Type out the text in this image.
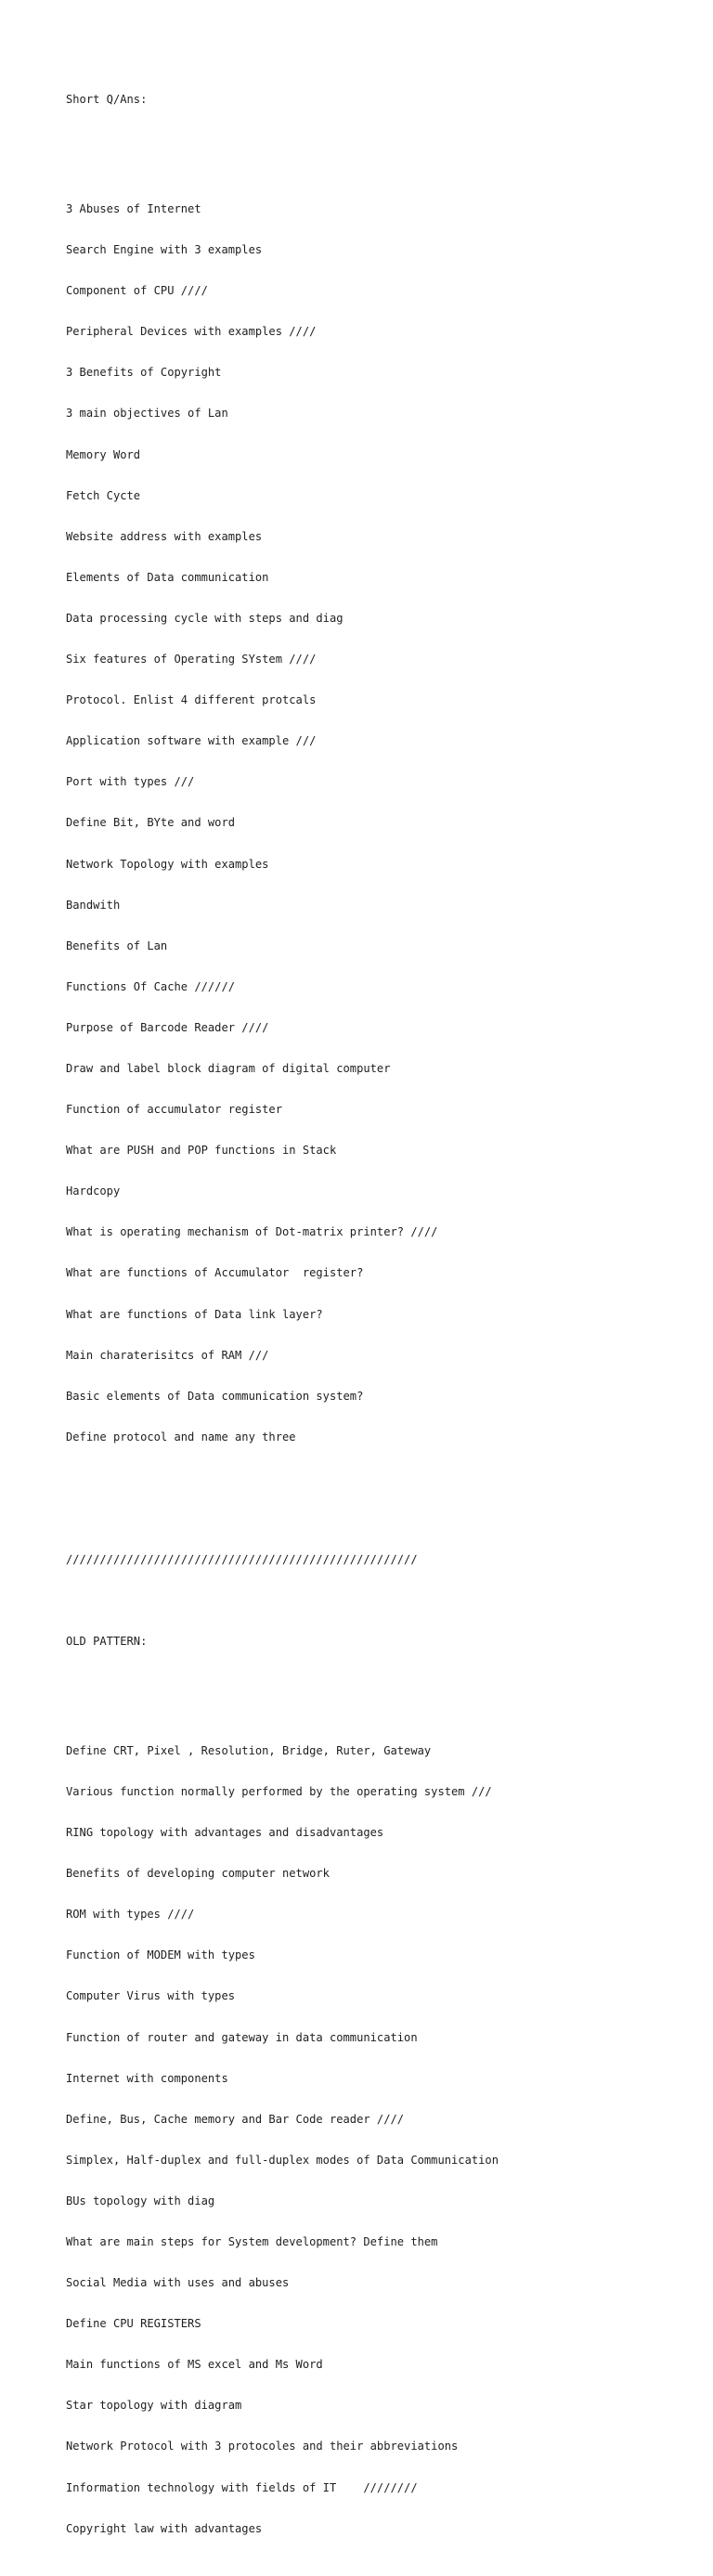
Short Q/Ans:

3 Abuses of Internet

Search Engine with 3 examples

Component of CPU ////

Peripheral Devices with examples ////

3 Benefits of Copyright

3 main objectives of Lan

Memory Word

Fetch Cycte

Website address with examples

Elements of Data communication

Data processing cycle with steps and diag

Six features of Operating SYstem ////

Protocol. Enlist 4 different protcals

Application software with example ///

Port with types ///

Define Bit, BYte and word

Network Topology with examples

Bandwith

Benefits of Lan

Functions Of Cache //////

Purpose of Barcode Reader ////

Draw and label block diagram of digital computer

Function of accumulator register

What are PUSH and POP functions in Stack

Hardcopy

What is operating mechanism of Dot-matrix printer? ////

What are functions of Accumulator  register?

What are functions of Data link layer?

Main charaterisitcs of RAM ///

Basic elements of Data communication system?

Define protocol and name any three

////////////////////////////////////////////////////

OLD PATTERN:

Define CRT, Pixel , Resolution, Bridge, Ruter, Gateway

Various function normally performed by the operating system ///

RING topology with advantages and disadvantages

Benefits of developing computer network

ROM with types ////

Function of MODEM with types

Computer Virus with types

Function of router and gateway in data communication

Internet with components

Define, Bus, Cache memory and Bar Code reader ////

Simplex, Half-duplex and full-duplex modes of Data Communication

BUs topology with diag

What are main steps for System development? Define them

Social Media with uses and abuses

Define CPU REGISTERS

Main functions of MS excel and Ms Word

Star topology with diagram

Network Protocol with 3 protocoles and their abbreviations

Information technology with fields of IT    ////////

Copyright law with advantages
